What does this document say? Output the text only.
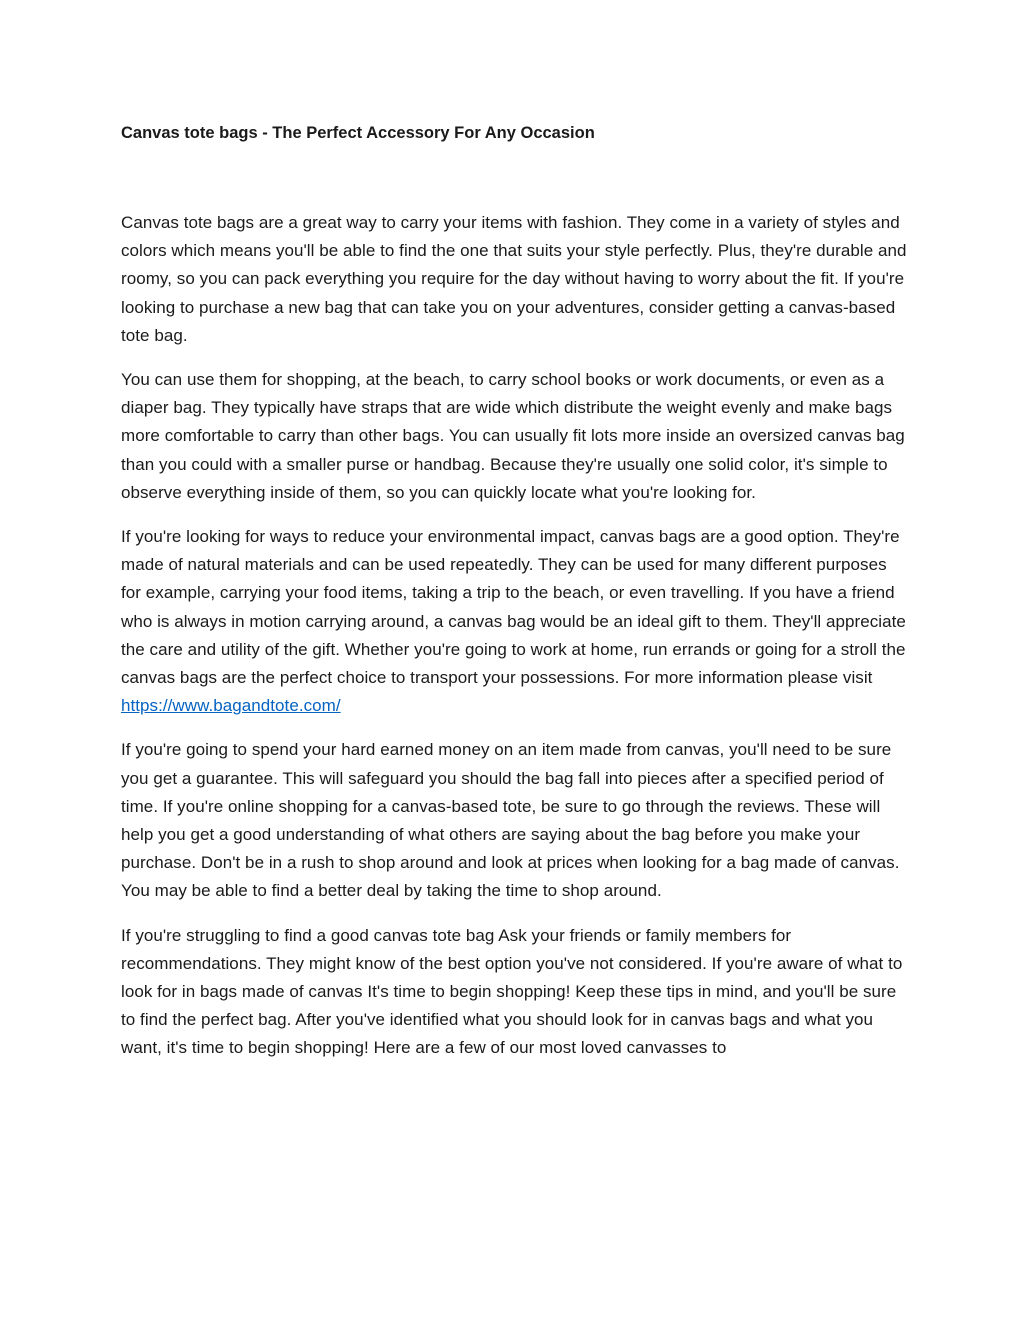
Canvas tote bags - The Perfect Accessory For Any Occasion

Canvas tote bags are a great way to carry your items with fashion. They come in a variety of styles and colors which means you'll be able to find the one that suits your style perfectly. Plus, they're durable and roomy, so you can pack everything you require for the day without having to worry about the fit. If you're looking to purchase a new bag that can take you on your adventures, consider getting a canvas-based tote bag.

You can use them for shopping, at the beach, to carry school books or work documents, or even as a diaper bag. They typically have straps that are wide which distribute the weight evenly and make bags more comfortable to carry than other bags. You can usually fit lots more inside an oversized canvas bag than you could with a smaller purse or handbag. Because they're usually one solid color, it's simple to observe everything inside of them, so you can quickly locate what you're looking for.

If you're looking for ways to reduce your environmental impact, canvas bags are a good option. They're made of natural materials and can be used repeatedly. They can be used for many different purposes for example, carrying your food items, taking a trip to the beach, or even travelling. If you have a friend who is always in motion carrying around, a canvas bag would be an ideal gift to them. They'll appreciate the care and utility of the gift. Whether you're going to work at home, run errands or going for a stroll the canvas bags are the perfect choice to transport your possessions. For more information please visit https://www.bagandtote.com/

If you're going to spend your hard earned money on an item made from canvas, you'll need to be sure you get a guarantee. This will safeguard you should the bag fall into pieces after a specified period of time. If you're online shopping for a canvas-based tote, be sure to go through the reviews. These will help you get a good understanding of what others are saying about the bag before you make your purchase. Don't be in a rush to shop around and look at prices when looking for a bag made of canvas. You may be able to find a better deal by taking the time to shop around.

If you're struggling to find a good canvas tote bag Ask your friends or family members for recommendations. They might know of the best option you've not considered. If you're aware of what to look for in bags made of canvas It's time to begin shopping! Keep these tips in mind, and you'll be sure to find the perfect bag. After you've identified what you should look for in canvas bags and what you want, it's time to begin shopping! Here are a few of our most loved canvasses to
